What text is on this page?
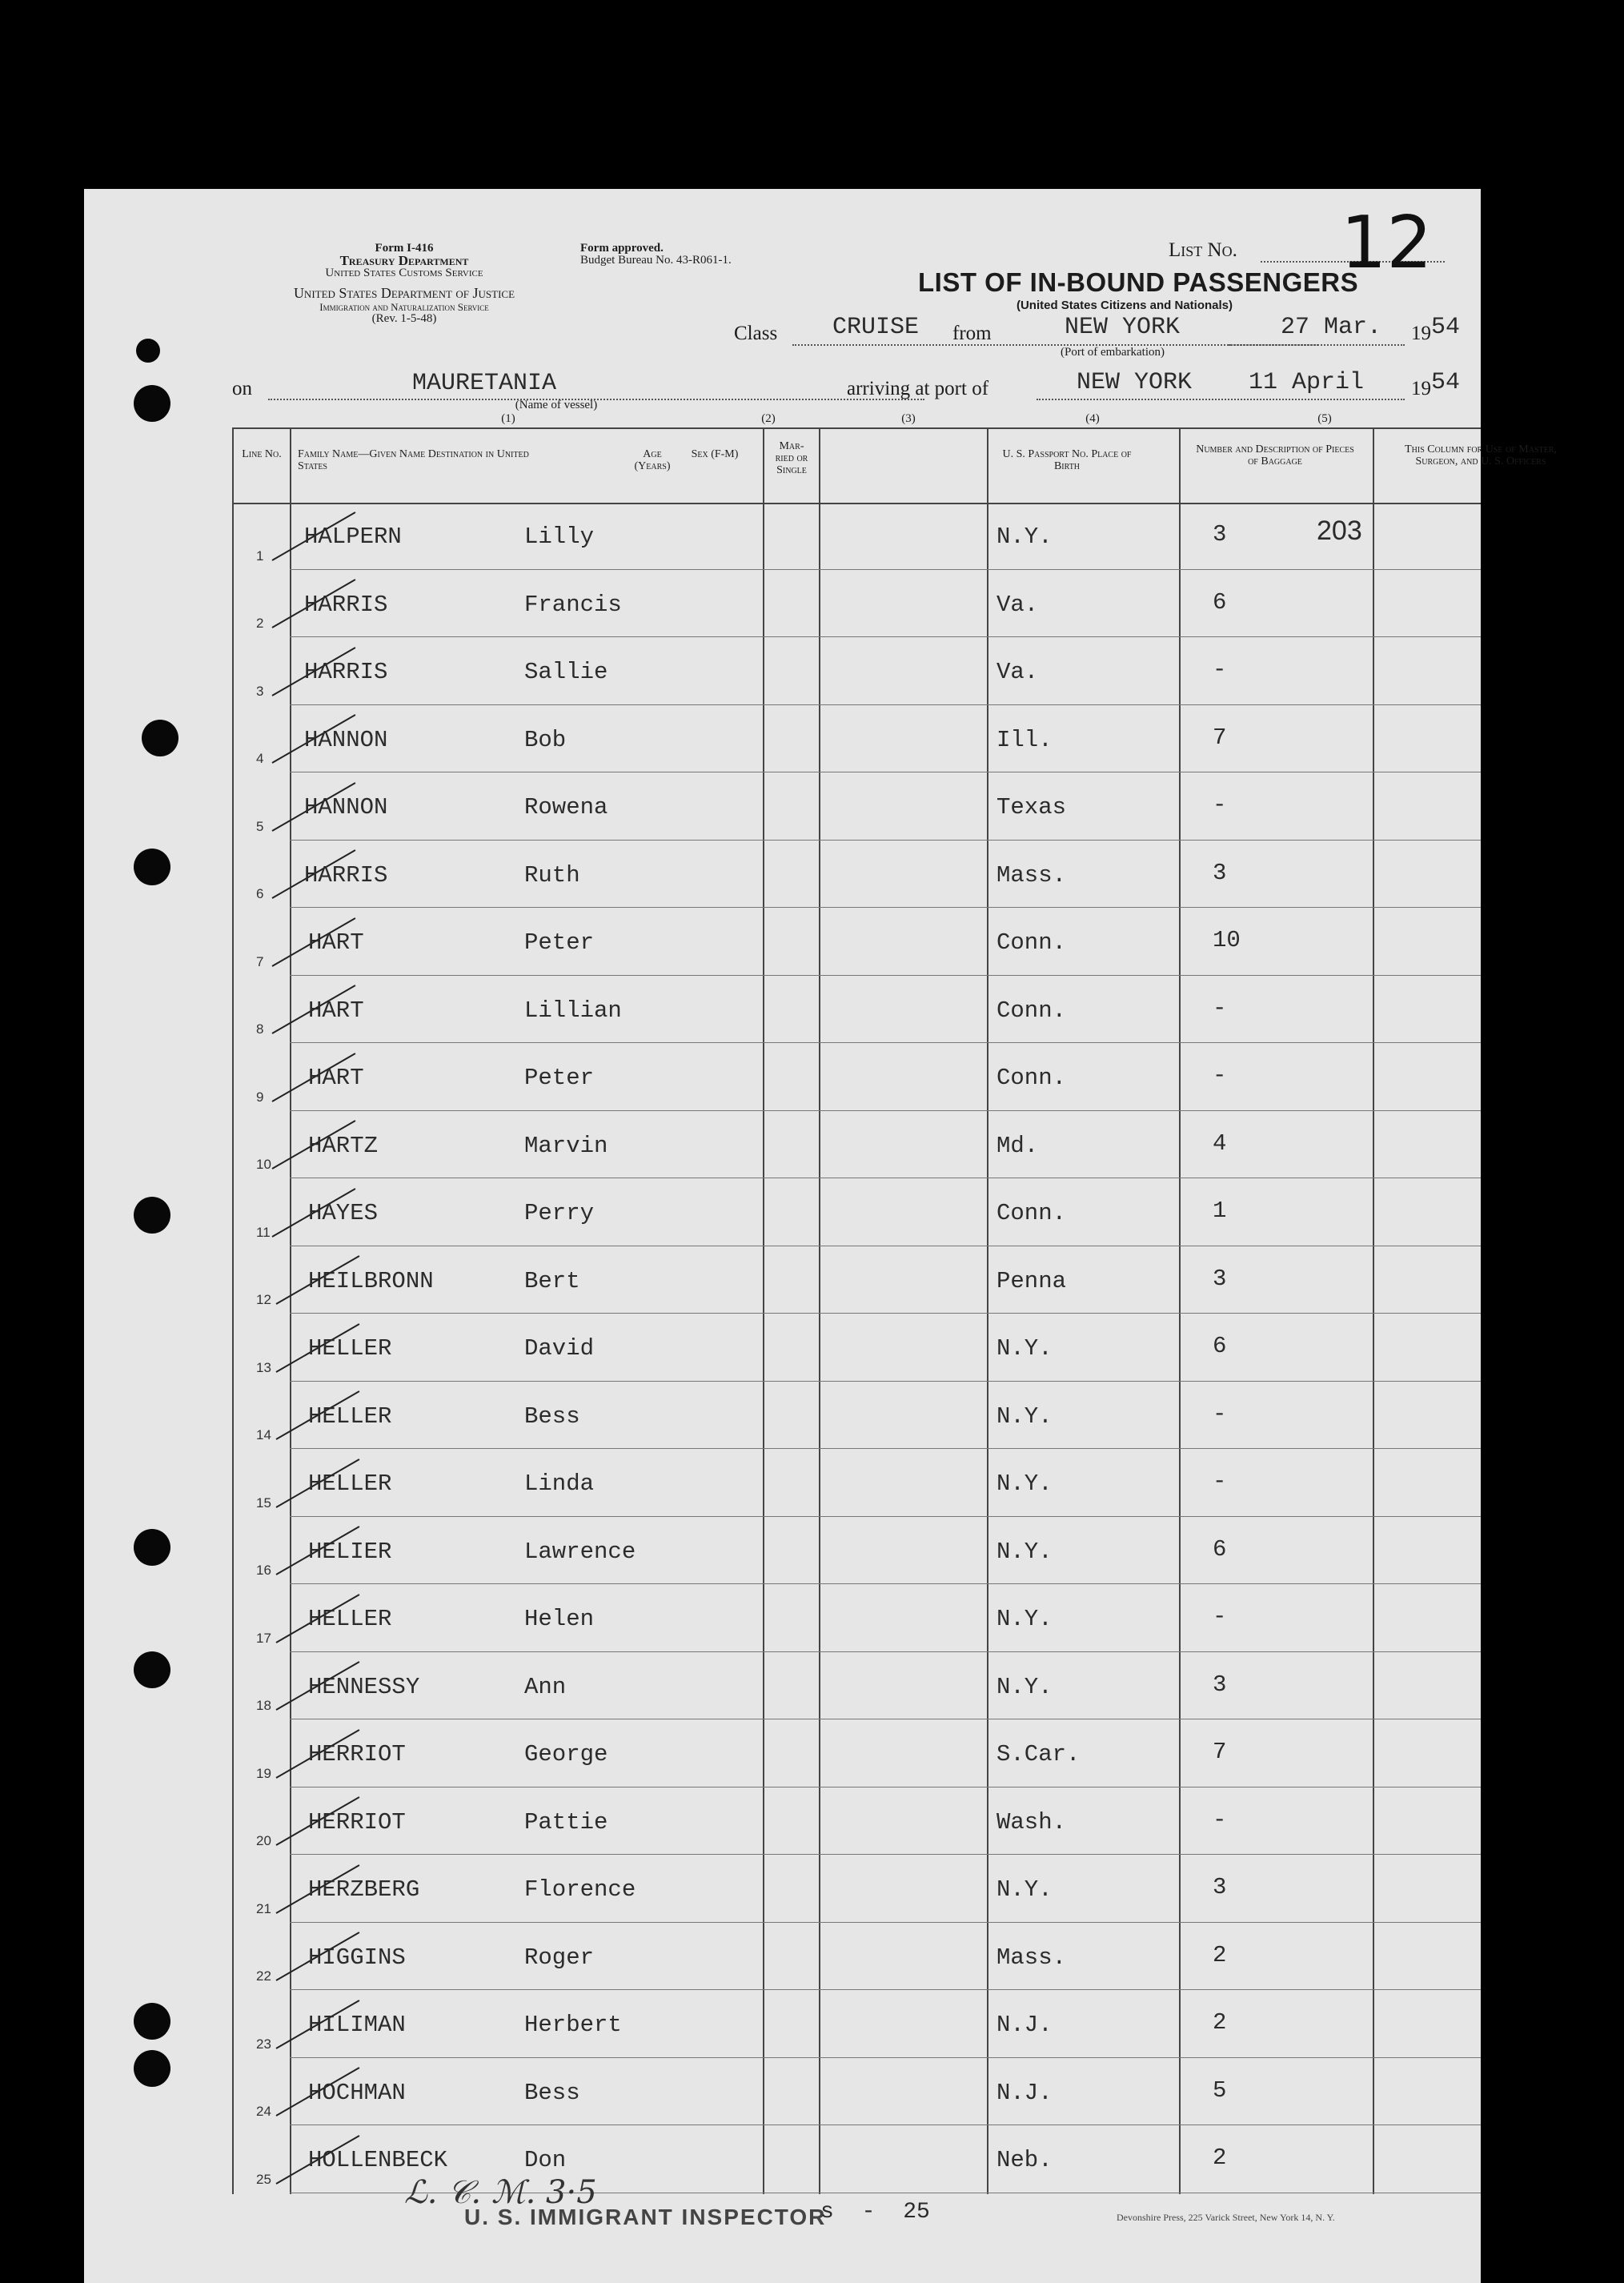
Form I-416
Treasury Department
United States Customs Service
United States Department of Justice
Immigration and Naturalization Service
(Rev. 1-5-48)
Form approved.
Budget Bureau No. 43-R061-1.	List No. 12
LIST OF IN-BOUND PASSENGERS
(United States Citizens and Nationals)
Class CRUISE from	NEW YORK
(Port of embarkation)
27 Mar. 19 54
on	MAURETANIA
(Name of vessel)
(1)
arriving at port of	NEW YORK 11 April 19 54
(2)	(3)	(4)	(5)
Line No. Family Name—Given Name Destination in United States
Age (Years)
Sex (F-M)
Mar-ried or Single
U. S. Passport No. Place of Birth
Number and Description of Pieces of Baggage
This Column for Use of Master, Surgeon, and U. S. Officers
1
HALPERN	Lilly	N.Y.	3	203
2
HARRIS	Francis	Va.	6
3
HARRIS	Sallie	Va.	-
4
HANNON	Bob	Ill.	7
5
HANNON	Rowena	Texas	-
6
HARRIS	Ruth	Mass.	3
7
HART	Peter	Conn.	10
8
HART	Lillian	Conn.	-
9
HART	Peter	Conn.	-
10
HARTZ	Marvin	Md.	4
11
HAYES	Perry	Conn.	1
12
HEILBRONN	Bert	Penna	3
13
HELLER	David	N.Y.	6
14
HELLER	Bess	N.Y.	-
15
HELLER	Linda	N.Y.	-
16
HELIER	Lawrence	N.Y.	6
17
HELLER	Helen	N.Y.	-
18
HENNESSY	Ann	N.Y.	3
19
HERRIOT	George	S.Car.	7
20
HERRIOT	Pattie	Wash.	-
21
HERZBERG	Florence	N.Y.	3
22
HIGGINS	Roger	Mass.	2
23
HILIMAN	Herbert	N.J.	2
24
HOCHMAN	Bess	N.J.	5
25
HOLLENBECK	Don	Neb.	2
ℒ. 𝒞. ℳ. 3·5
U. S. IMMIGRANT INSPECTOR
s - 25	Devonshire Press, 225 Varick Street, New York 14, N. Y.
